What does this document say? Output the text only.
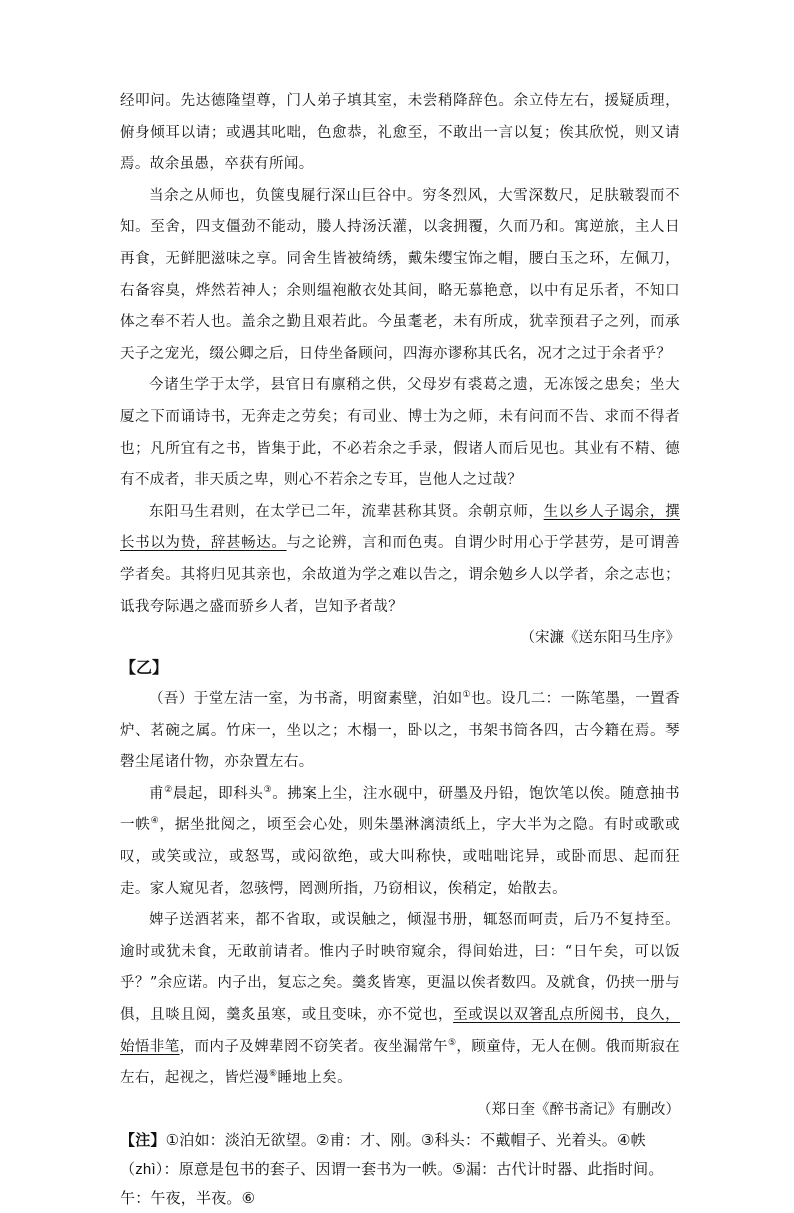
经叩问。先达德隆望尊，门人弟子填其室，未尝稍降辞色。余立侍左右，援疑质理，俯身倾耳以请；或遇其叱咄，色愈恭，礼愈至，不敢出一言以复；俟其欣悦，则又请焉。故余虽愚，卒获有所闻。

当余之从师也，负箧曳屣行深山巨谷中。穷冬烈风，大雪深数尺，足肤皲裂而不知。至舍，四支僵劲不能动，媵人持汤沃灌，以衾拥覆，久而乃和。寓逆旅，主人日再食，无鲜肥滋味之享。同舍生皆被绮绣，戴朱缨宝饰之帽，腰白玉之环，左佩刀，右备容臭，烨然若神人；余则缊袍敝衣处其间，略无慕艳意，以中有足乐者，不知口体之奉不若人也。盖余之勤且艰若此。今虽耄老，未有所成，犹幸预君子之列，而承天子之宠光，缀公卿之后，日侍坐备顾问，四海亦谬称其氏名，况才之过于余者乎？

今诸生学于太学，县官日有廪稍之供，父母岁有裘葛之遗，无冻馁之患矣；坐大厦之下而诵诗书，无奔走之劳矣；有司业、博士为之师，未有问而不告、求而不得者也；凡所宜有之书，皆集于此，不必若余之手录，假诸人而后见也。其业有不精、德有不成者，非天质之卑，则心不若余之专耳，岂他人之过哉？

东阳马生君则，在太学已二年，流辈甚称其贤。余朝京师，生以乡人子谒余，撰长书以为贽，辞甚畅达。与之论辨，言和而色夷。自谓少时用心于学甚劳，是可谓善学者矣。其将归见其亲也，余故道为学之难以告之，谓余勉乡人以学者，余之志也；诋我夸际遇之盛而骄乡人者，岂知予者哉？

（宋濂《送东阳马生序》

【乙】

（吾）于堂左洁一室，为书斋，明窗素壁，泊如①也。设几二：一陈笔墨，一置香炉、茗碗之属。竹床一，坐以之；木榻一，卧以之，书架书筒各四，古今籍在焉。琴磬尘尾诸什物，亦杂置左右。

甫②晨起，即科头③。拂案上尘，注水砚中，研墨及丹铅，饱饮笔以俟。随意抽书一帙④，据坐批阅之，顷至会心处，则朱墨淋漓渍纸上，字大半为之隐。有时或歌或叹，或笑或泣，或怒骂，或闷欲绝，或大叫称快，或咄咄诧异，或卧而思、起而狂走。家人窥见者，忽骇愕，罔测所指，乃窃相议，俟稍定，始散去。

婢子送酒茗来，都不省取，或误触之，倾湿书册，辄怒而呵责，后乃不复持至。逾时或犹未食，无敢前请者。惟内子时映帘窥余，得间始进，曰：“日午矣，可以饭乎？”余应诺。内子出，复忘之矣。羹炙皆寒，更温以俟者数四。及就食，仍挟一册与俱，且啖且阅，羹炙虽寒，或且变味，亦不觉也，至或误以双箸乱点所阅书，良久，始悟非笔，而内子及婢辈罔不窃笑者。夜坐漏常午⑤，顾童侍，无人在侧。俄而斯寂在左右，起视之，皆烂漫⑥睡地上矣。

（郑日奎《醉书斋记》有删改）

【注】①泊如：淡泊无欲望。②甫：才、刚。③科头：不戴帽子、光着头。④帙（zhì）：原意是包书的套子、因谓一套书为一帙。⑤漏：古代计时器、此指时间。午：午夜，半夜。⑥
